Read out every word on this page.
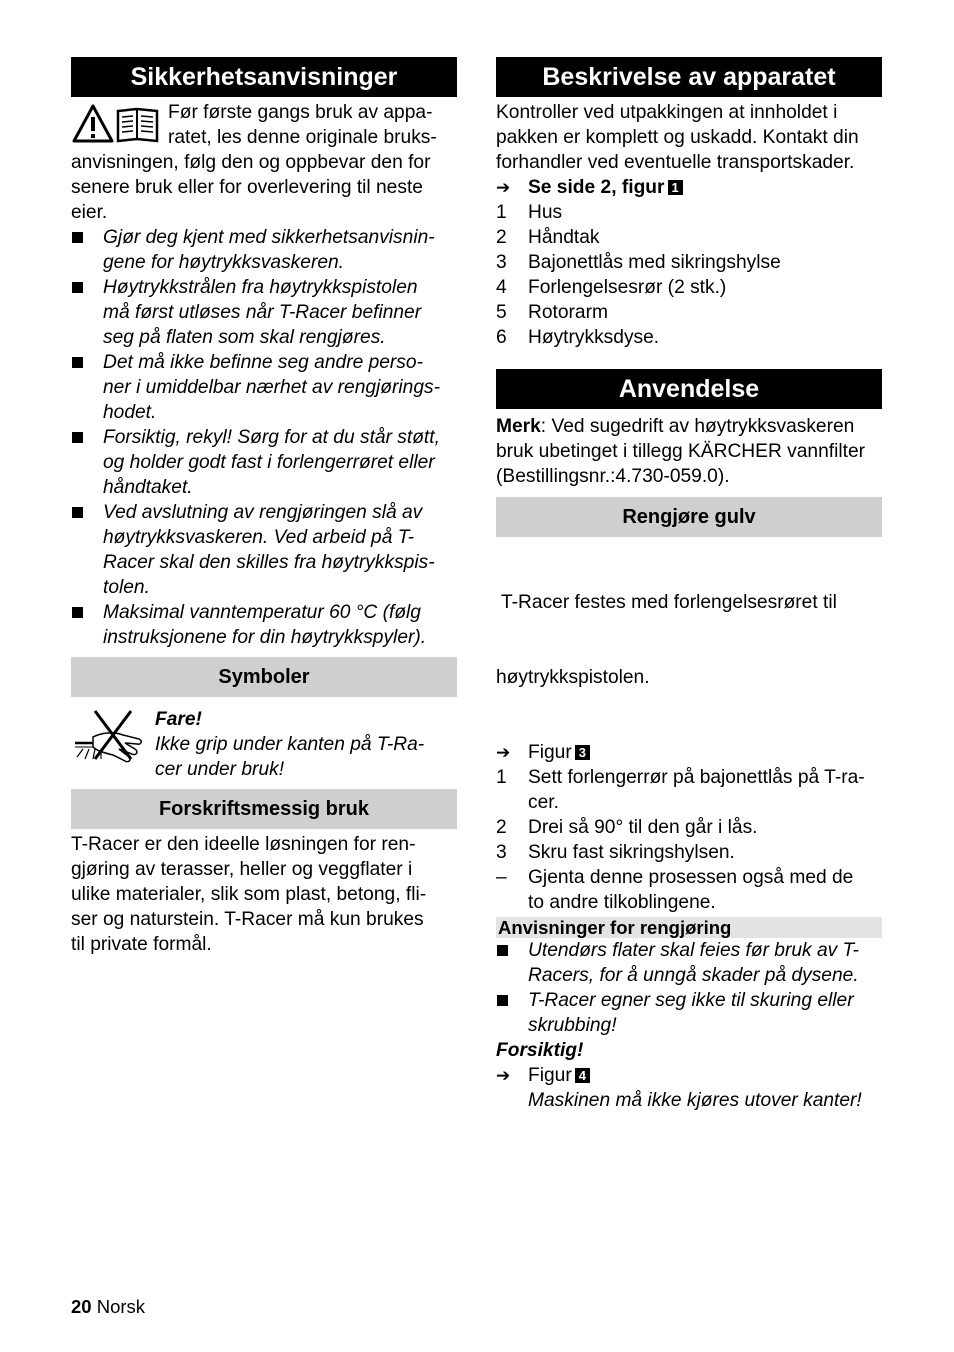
Sikkerhetsanvisninger
Før første gangs bruk av appa-
ratet, les denne originale bruks-
anvisningen, følg den og oppbevar den for
senere bruk eller for overlevering til neste
eier.
Gjør deg kjent med sikkerhetsanvisnin-
gene for høytrykksvaskeren.
Høytrykkstrålen fra høytrykkspistolen
må først utløses når T-Racer befinner
seg på flaten som skal rengjøres.
Det må ikke befinne seg andre perso-
ner i umiddelbar nærhet av rengjørings-
hodet.
Forsiktig, rekyl! Sørg for at du står støtt,
og holder godt fast i forlengerrøret eller
håndtaket.
Ved avslutning av rengjøringen slå av
høytrykksvaskeren. Ved arbeid på T-
Racer skal den skilles fra høytrykkspis-
tolen.
Maksimal vanntemperatur 60 °C (følg
instruksjonene for din høytrykkspyler).
Symboler
Fare!
Ikke grip under kanten på T-Ra-
cer under bruk!
Forskriftsmessig bruk
T-Racer er den ideelle løsningen for ren-
gjøring av terasser, heller og veggflater i
ulike materialer, slik som plast, betong, fli-
ser og naturstein. T-Racer må kun brukes
til private formål.
Beskrivelse av apparatet
Kontroller ved utpakkingen at innholdet i
pakken er komplett og uskadd. Kontakt din
forhandler ved eventuelle transportskader.
➔ Se side 2, figur 1
1	Hus
2	Håndtak
3	Bajonettlås med sikringshylse
4	Forlengelsesrør (2 stk.)
5	Rotorarm
6	Høytrykksdyse.
Anvendelse
Merk: Ved sugedrift av høytrykksvaskeren
bruk ubetinget i tillegg KÄRCHER vannfilter
(Bestillingsnr.:4.730-059.0).
Rengjøre gulv

T-Racer festes med forlengelsesrøret til

høytrykkspistolen.

➔ Figur 3
1	Sett forlengerrør på bajonettlås på T-ra-
cer.
2	Drei så 90° til den går i lås.
3	Skru fast sikringshylsen.
–	Gjenta denne prosessen også med de
to andre tilkoblingene.
Anvisninger for rengjøring
Utendørs flater skal feies før bruk av T-
Racers, for å unngå skader på dysene.
T-Racer egner seg ikke til skuring eller
skrubbing!
Forsiktig!
➔ Figur 4
Maskinen må ikke kjøres utover kanter!
20 Norsk
